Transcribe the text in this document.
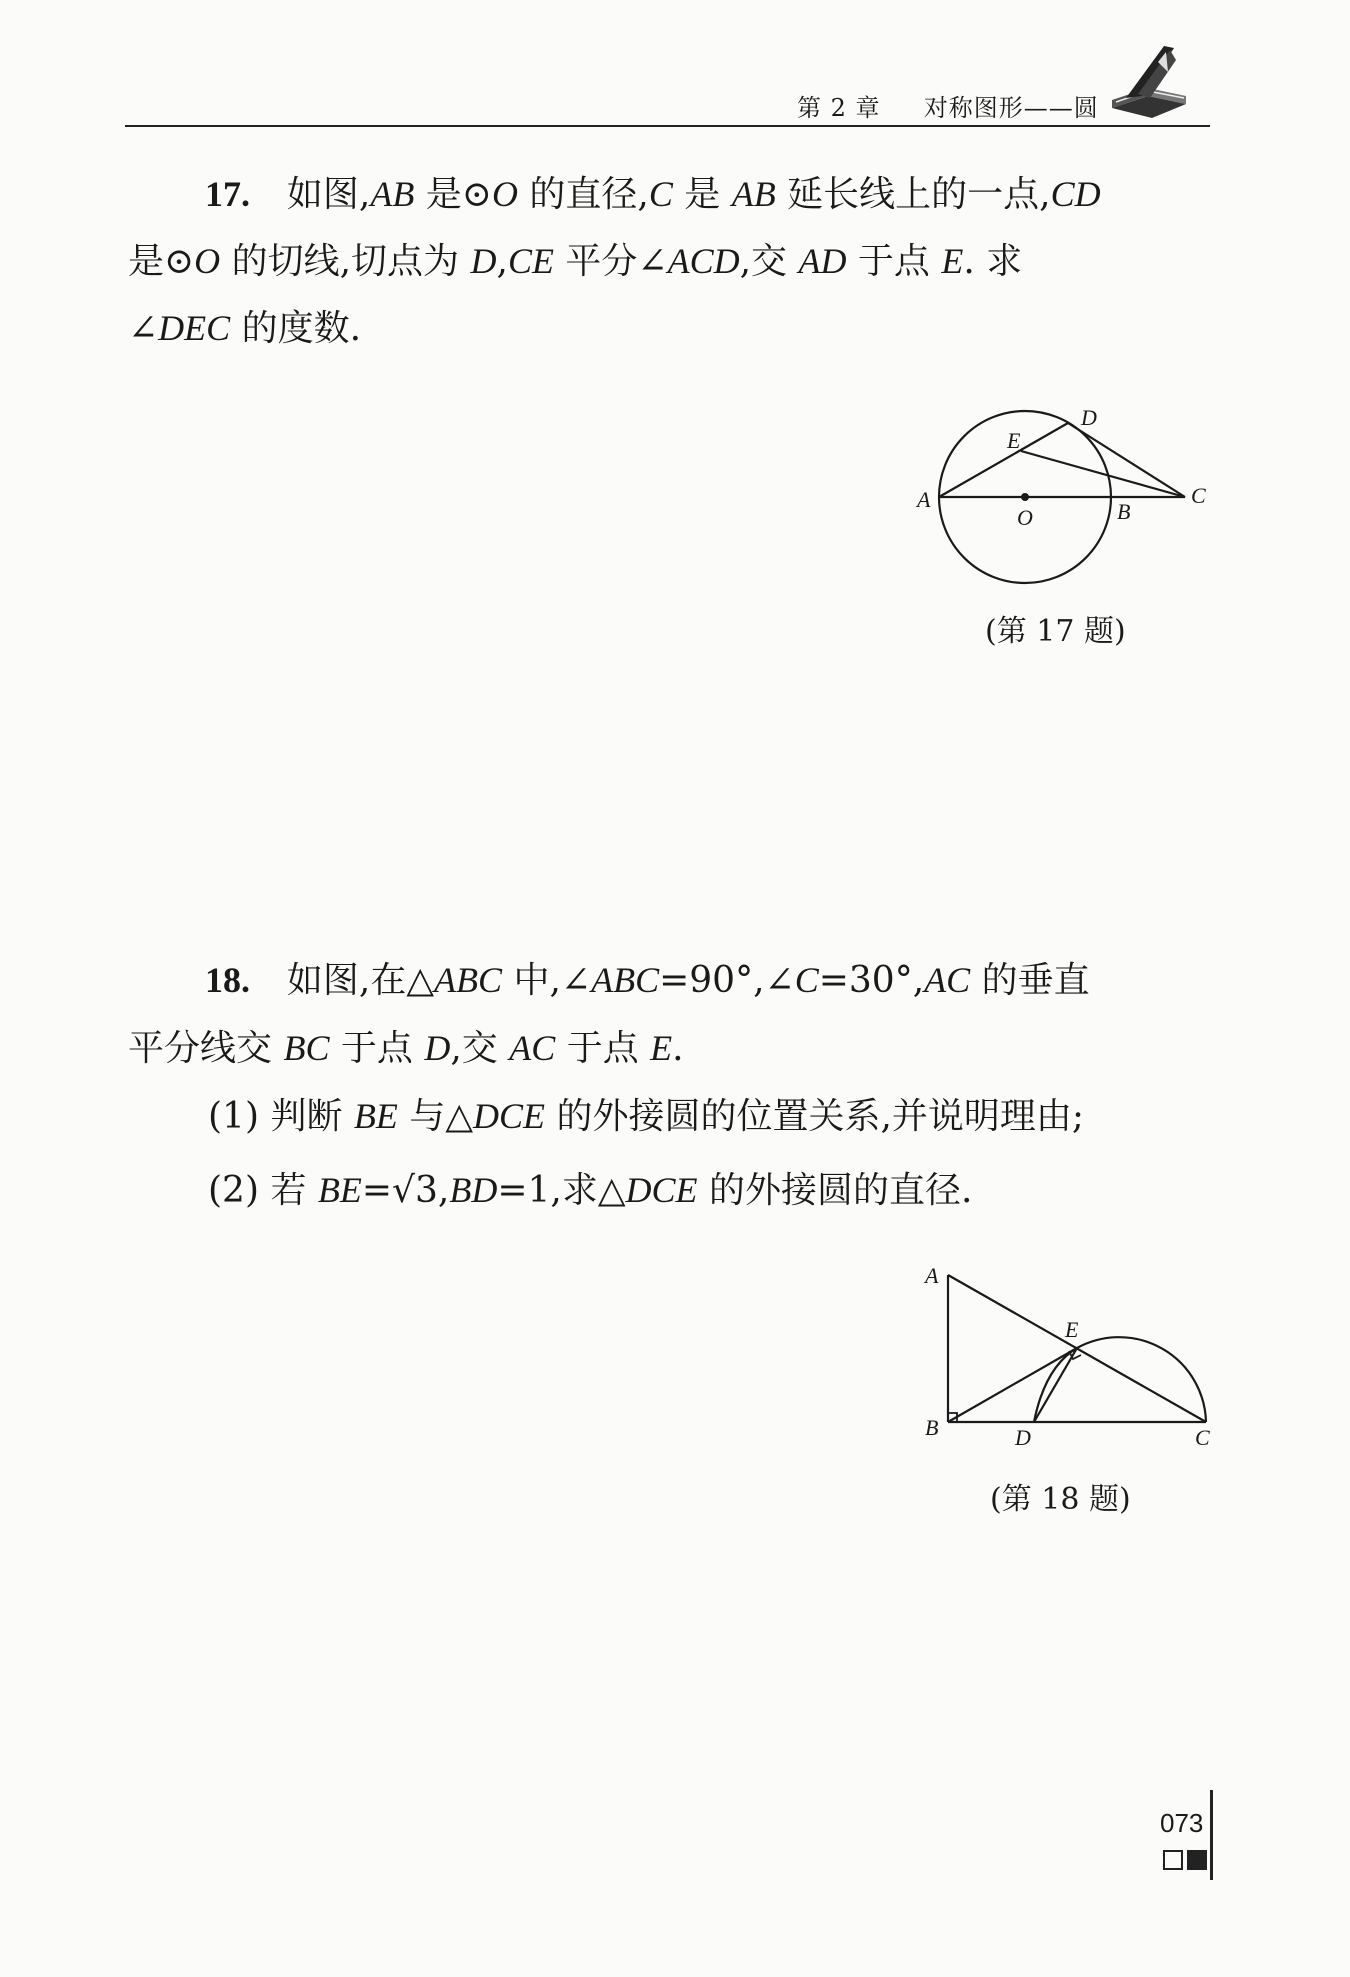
第 2 章 对称图形——圆
17. 如图,AB 是⊙O 的直径,C 是 AB 延长线上的一点,CD
是⊙O 的切线,切点为 D,CE 平分∠ACD,交 AD 于点 E. 求
∠DEC 的度数.
A	B
C
D
E
O
(第 17 题)
18. 如图,在△ABC 中,∠ABC=90°,∠C=30°,AC 的垂直
平分线交 BC 于点 D,交 AC 于点 E.
(1) 判断 BE 与△DCE 的外接圆的位置关系,并说明理由;
(2) 若 BE=√3,BD=1,求△DCE 的外接圆的直径.
A
B	C
D
E
(第 18 题)
073
